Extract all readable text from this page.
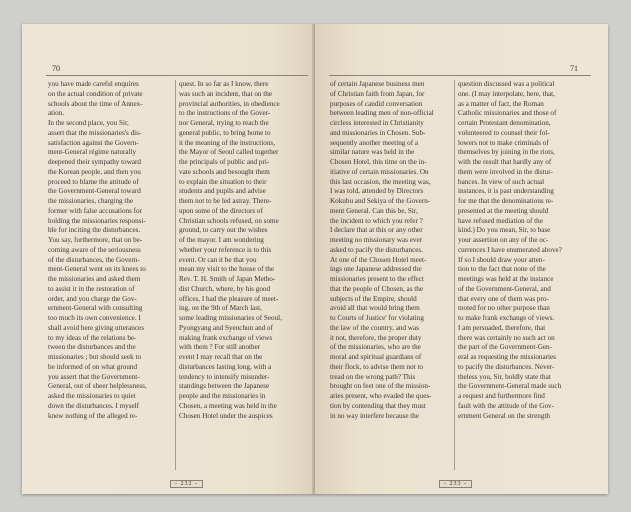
70
you have made careful enquires
on the actual condition of private
schools about the time of Annex-
ation.
In the second place, you Sir,
assert that the missionaries's dis-
satisfaction against the Govern-
ment-General régime naturally
deepened their sympathy toward
the Korean people, and then you
proceed to blame the attitude of
the Government-General toward
the missionaries, charging the
former with false accusations for
holding the missionaries responsi-
ble for inciting the disturbances.
You say, furthermore, that on be-
coming aware of the seriousness
of the disturbances, the Govern-
ment-General went on its knees to
the missionaries and asked them
to assist it in the restoration of
order, and you charge the Gov-
ernment-General with consulting
too much its own convenience. I
shall avoid here giving utterances
to my ideas of the relations be-
tween the disturbances and the
missionaries ; but should seek to
be informed of on what ground
you assert that the Government-
General, out of sheer helplessness,
asked the missionaries to quiet
down the disturbances. I myself
knew nothing of the alleged re-
quest. In so far as I know, there
was such an incident, that on the
provincial authorities, in obedience
to the instructions of the Gover-
nor General, trying to reach the
general public, to bring home to
it the meaning of the instructions,
the Mayor of Seoul called together
the principals of public and pri-
vate schools and besought them
to explain the situation to their
students and pupils and advise
them not to be led astray. There-
upon some of the directors of
Christian schools refused, on some
ground, to carry out the wishes
of the mayor. I am wondering
whether your reference is to this
event. Or can it be that you
mean my visit to the house of the
Rev. T. H. Smith of Japan Metho-
dist Church, where, by his good
offices, I had the pleasure of meet-
ing, on the 9th of March last,
some leading missionaries of Seoul,
Pyongyang and Syenchun and of
making frank exchange of views
with them ? For still another
event I may recall that on the
disturbances lasting long, with a
tendency to intensify misunder-
standings between the Japanese
people and the missionaries in
Chosen, a meeting was held in the
Chosen Hotel under the auspices
- 232 -
71
of certain Japanese business men
of Christian faith from Japan, for
purposes of candid conversation
between leading men of non-official
circless interested in Christianity
and missionaries in Chosen. Sub-
sequently another meeting of a
similar nature was held in the
Chosen Hotel, this time on the in-
itiative of certain missionaries. On
this last occasion, the meeting was,
I was told, attended by Directors
Kokubu and Sekiya of the Govern-
ment General. Can this be, Sir,
the incident to which you refer ?
I declare that at this or any other
meeting no missionary was ever
asked to pacify the disturbances.
At one of the Chosen Hotel meet-
ings one Japanese addressed the
missionaries present to the effect
that the people of Chosen, as the
subjects of the Empire, should
avoid all that would bring them
to Courts of Justice' for violating
the law of the country, and was
it not, therefore, the proper duty
of the missionaries, who are the
moral and spiritual guardians of
their flock, to advise them not to
tread on the wrong path? This
brought on feet one of the mission-
aries present, who evaded the ques-
tion by contending that they must
in no way interfere because the
question discussed was a political
one. (I may interpolate, here, that,
as a matter of fact, the Roman
Catholic missionaries and those of
certain Protestant denomination,
volunteered to counsel their fol-
lowers not to make criminals of
themselves by joining in the riots,
with the result that hardly any of
them were involved in the distur-
bances. In view of such actual
instances, it is past understanding
for me that the denominations re-
presented at the meeting should
have refused mediation of the
kind.) Do you mean, Sir, to base
your assertion on any of the oc-
currences I have enumerated above?
If so I should draw your atten-
tion to the fact that none of the
meetings was held at the instance
of the Government-General, and
that every one of them was pro-
moted for no other purpose than
to make frank exchange of views.
I am persuaded, therefore, that
there was certainly no such act on
the part of the Government-Gen-
eral as requesting the missionaries
to pacify the disturbances. Never-
theless you, Sir, boldly state that
the Government-General made such
a request and furthermore find
fault with the attitude of the Gov-
ernment General on the strength
- 233 -
